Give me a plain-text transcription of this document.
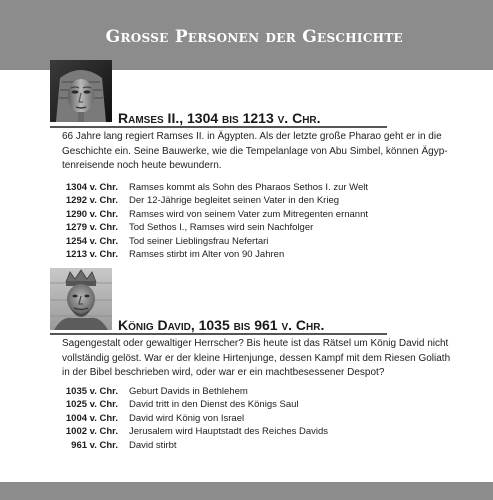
Grosse Personen der Geschichte
Ramses II., 1304 bis 1213 v. Chr.
66 Jahre lang regiert Ramses II. in Ägypten. Als der letzte große Pharao geht er in die
Geschichte ein. Seine Bauwerke, wie die Tempelanlage von Abu Simbel, können Ägyp-
tenreisende noch heute bewundern.
1304 v. Chr. Ramses kommt als Sohn des Pharaos Sethos I. zur Welt
1292 v. Chr. Der 12-Jährige begleitet seinen Vater in den Krieg
1290 v. Chr. Ramses wird von seinem Vater zum Mitregenten ernannt
1279 v. Chr. Tod Sethos I., Ramses wird sein Nachfolger
1254 v. Chr. Tod seiner Lieblingsfrau Nefertari
1213 v. Chr. Ramses stirbt im Alter von 90 Jahren
König David, 1035 bis 961 v. Chr.
Sagengestalt oder gewaltiger Herrscher? Bis heute ist das Rätsel um König David nicht
vollständig gelöst. War er der kleine Hirtenjunge, dessen Kampf mit dem Riesen Goliath
in der Bibel beschrieben wird, oder war er ein machtbesessener Despot?
1035 v. Chr. Geburt Davids in Bethlehem
1025 v. Chr. David tritt in den Dienst des Königs Saul
1004 v. Chr. David wird König von Israel
1002 v. Chr. Jerusalem wird Hauptstadt des Reiches Davids
961 v. Chr. David stirbt
